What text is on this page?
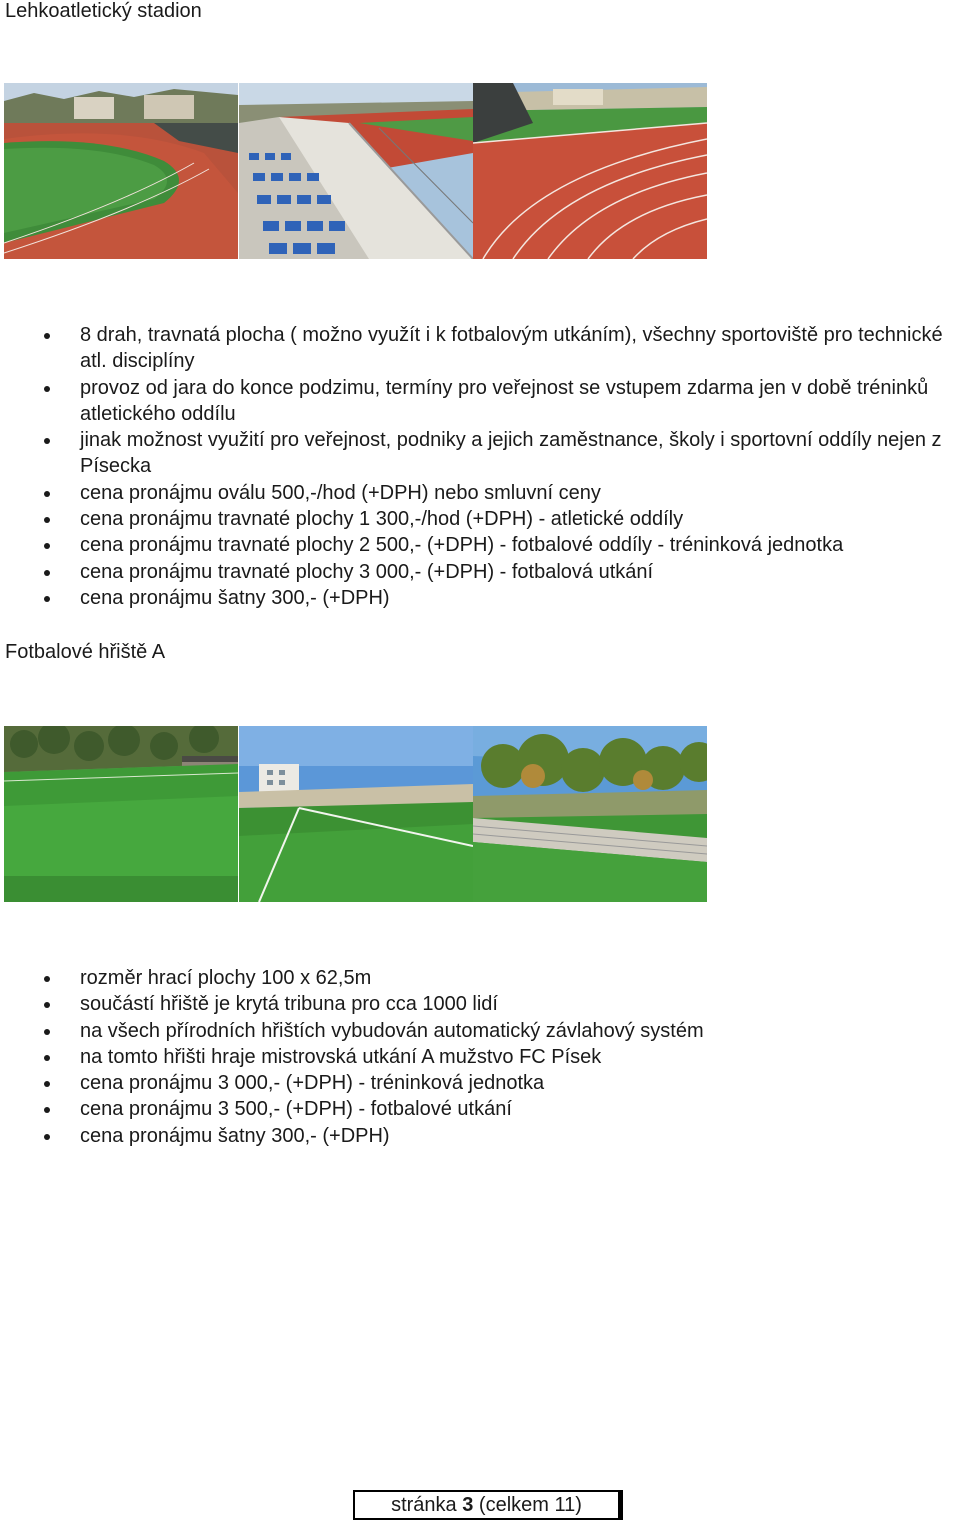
Lehkoatletický stadion
8 drah, travnatá plocha ( možno využít i k fotbalovým utkáním), všechny sportoviště pro technické atl. disciplíny
provoz od jara do konce podzimu, termíny pro veřejnost se vstupem zdarma jen v době tréninků atletického oddílu
jinak možnost využití pro veřejnost, podniky a jejich zaměstnance, školy i sportovní oddíly nejen z Písecka
cena pronájmu oválu 500,-/hod (+DPH) nebo smluvní ceny
cena pronájmu travnaté plochy 1 300,-/hod (+DPH) - atletické oddíly
cena pronájmu travnaté plochy 2 500,- (+DPH) - fotbalové oddíly - tréninková jednotka
cena pronájmu travnaté plochy 3 000,- (+DPH) - fotbalová utkání
cena pronájmu šatny 300,- (+DPH)
Fotbalové hřiště A
rozměr hrací plochy 100 x 62,5m
součástí hřiště je krytá tribuna pro cca 1000 lidí
na všech přírodních hřištích vybudován automatický závlahový systém
na tomto hřišti hraje mistrovská utkání A mužstvo FC Písek
cena pronájmu 3 000,- (+DPH) - tréninková jednotka
cena pronájmu 3 500,- (+DPH) - fotbalové utkání
cena pronájmu šatny 300,- (+DPH)
stránka 3 (celkem 11)
